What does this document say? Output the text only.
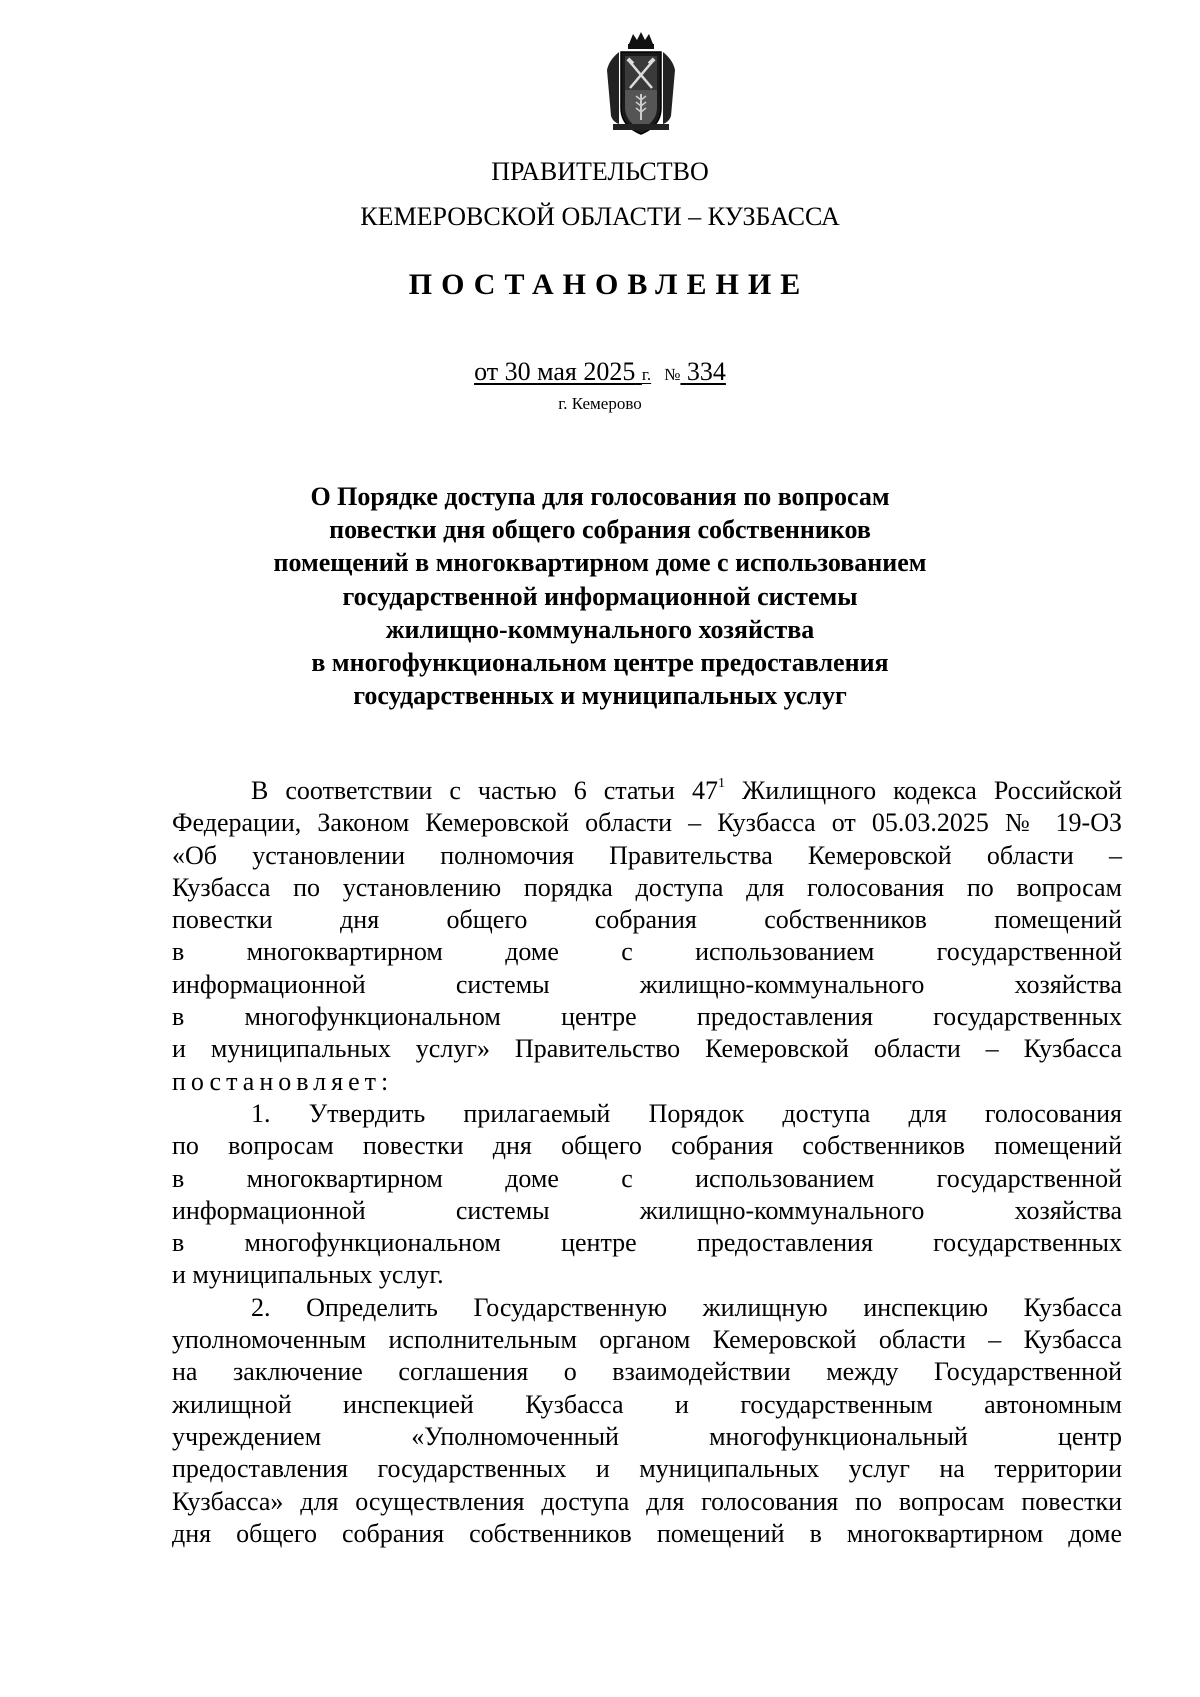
ПРАВИТЕЛЬСТВО
КЕМЕРОВСКОЙ ОБЛАСТИ – КУЗБАССА
ПОСТАНОВЛЕНИЕ
от 30 мая 2025 г. № 334
г. Кемерово
О Порядке доступа для голосования по вопросам
повестки дня общего собрания собственников
помещений в многоквартирном доме с использованием
государственной информационной системы
жилищно-коммунального хозяйства
в многофункциональном центре предоставления
государственных и муниципальных услуг
В соответствии с частью 6 статьи $47^1$ Жилищного кодекса Российской
Федерации, Законом Кемеровской области – Кузбасса от 05.03.2025 № 19-ОЗ
«Об установлении полномочия Правительства Кемеровской области –
Кузбасса по установлению порядка доступа для голосования по вопросам
повестки дня общего собрания собственников помещений
в многоквартирном доме с использованием государственной
информационной системы жилищно-коммунального хозяйства
в многофункциональном центре предоставления государственных
и муниципальных услуг» Правительство Кемеровской области – Кузбасса
постановляет:
1. Утвердить прилагаемый Порядок доступа для голосования
по вопросам повестки дня общего собрания собственников помещений
в многоквартирном доме с использованием государственной
информационной системы жилищно-коммунального хозяйства
в многофункциональном центре предоставления государственных
и муниципальных услуг.
2. Определить Государственную жилищную инспекцию Кузбасса
уполномоченным исполнительным органом Кемеровской области – Кузбасса
на заключение соглашения о взаимодействии между Государственной
жилищной инспекцией Кузбасса и государственным автономным
учреждением «Уполномоченный многофункциональный центр
предоставления государственных и муниципальных услуг на территории
Кузбасса» для осуществления доступа для голосования по вопросам повестки
дня общего собрания собственников помещений в многоквартирном доме
